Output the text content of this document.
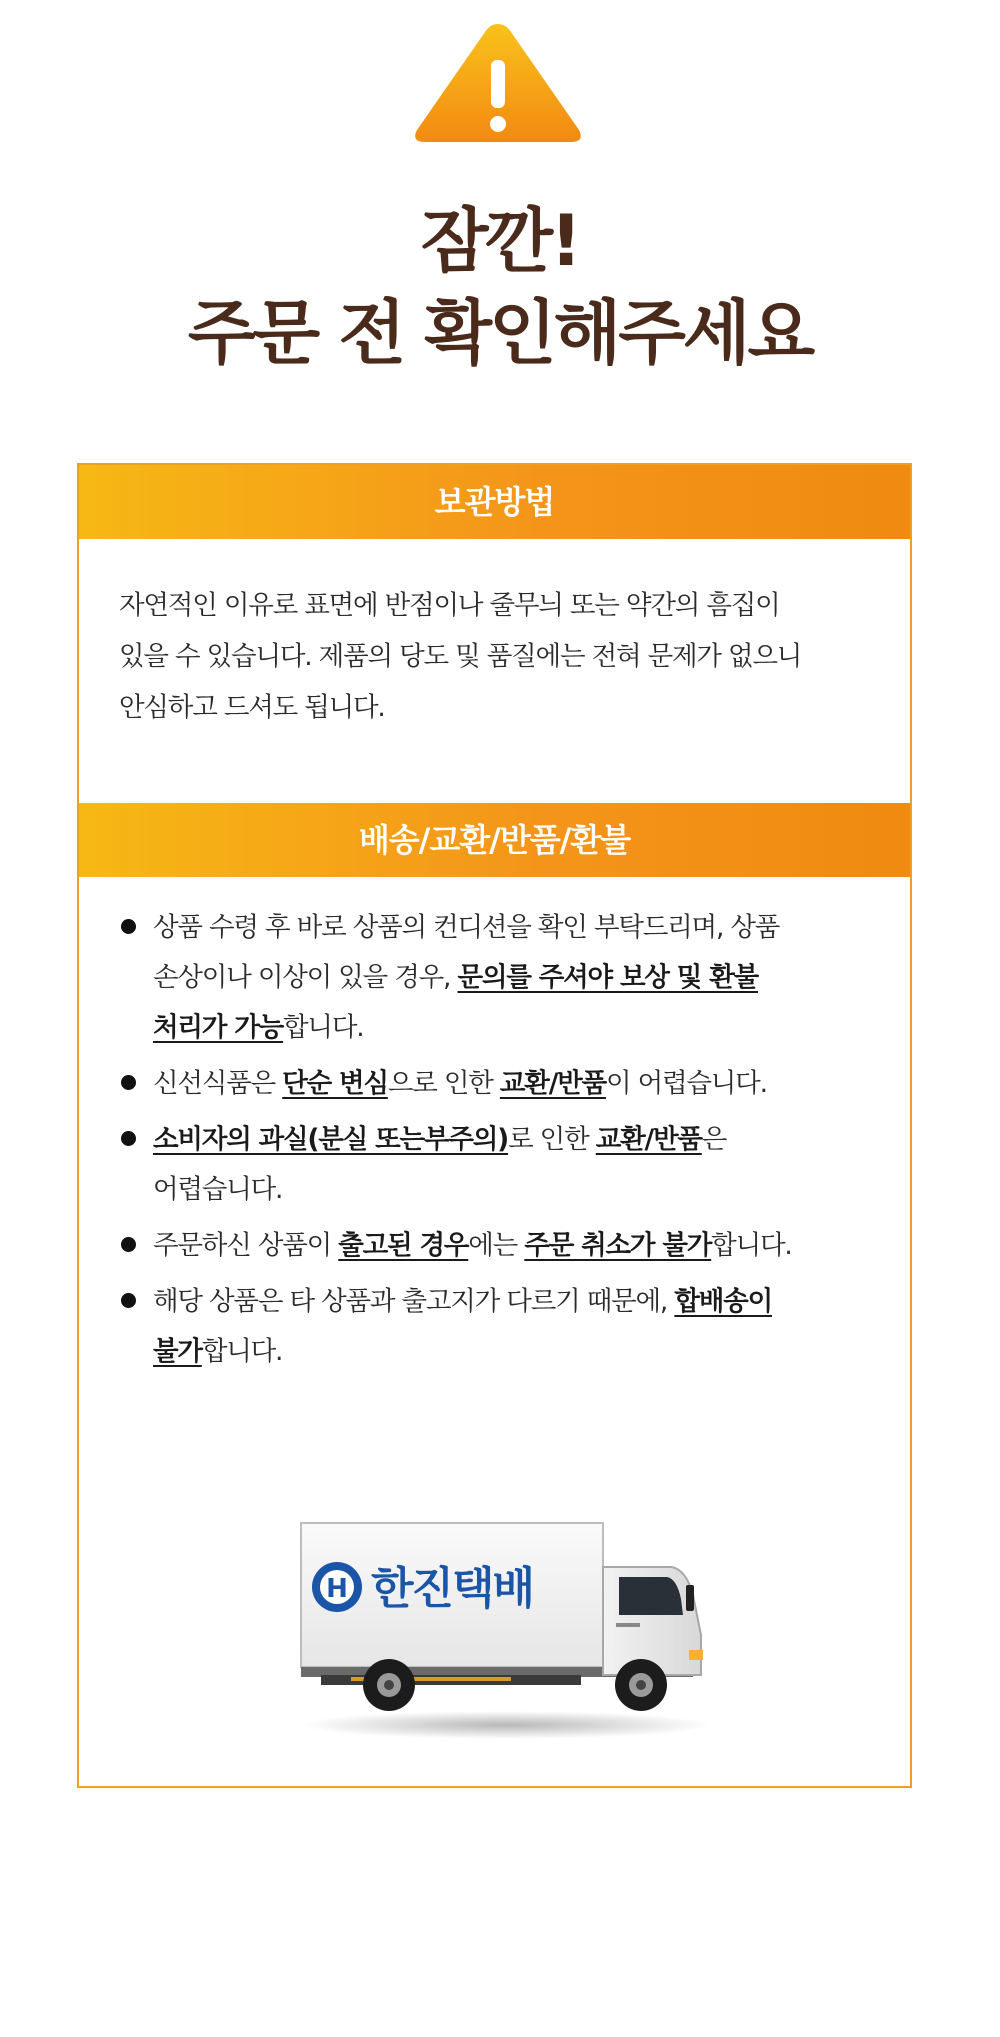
잠깐!
주문 전 확인해주세요
보관방법
자연적인 이유로 표면에 반점이나 줄무늬 또는 약간의 흠집이
있을 수 있습니다. 제품의 당도 및 품질에는 전혀 문제가 없으니
안심하고 드셔도 됩니다.
배송/교환/반품/환불
상품 수령 후 바로 상품의 컨디션을 확인 부탁드리며, 상품
손상이나 이상이 있을 경우, 문의를 주셔야 보상 및 환불
처리가 가능합니다.
신선식품은 단순 변심으로 인한 교환/반품이 어렵습니다.
소비자의 과실(분실 또는부주의)로 인한 교환/반품은
어렵습니다.
주문하신 상품이 출고된 경우에는 주문 취소가 불가합니다.
해당 상품은 타 상품과 출고지가 다르기 때문에, 합배송이
불가합니다.
H 한진택배
